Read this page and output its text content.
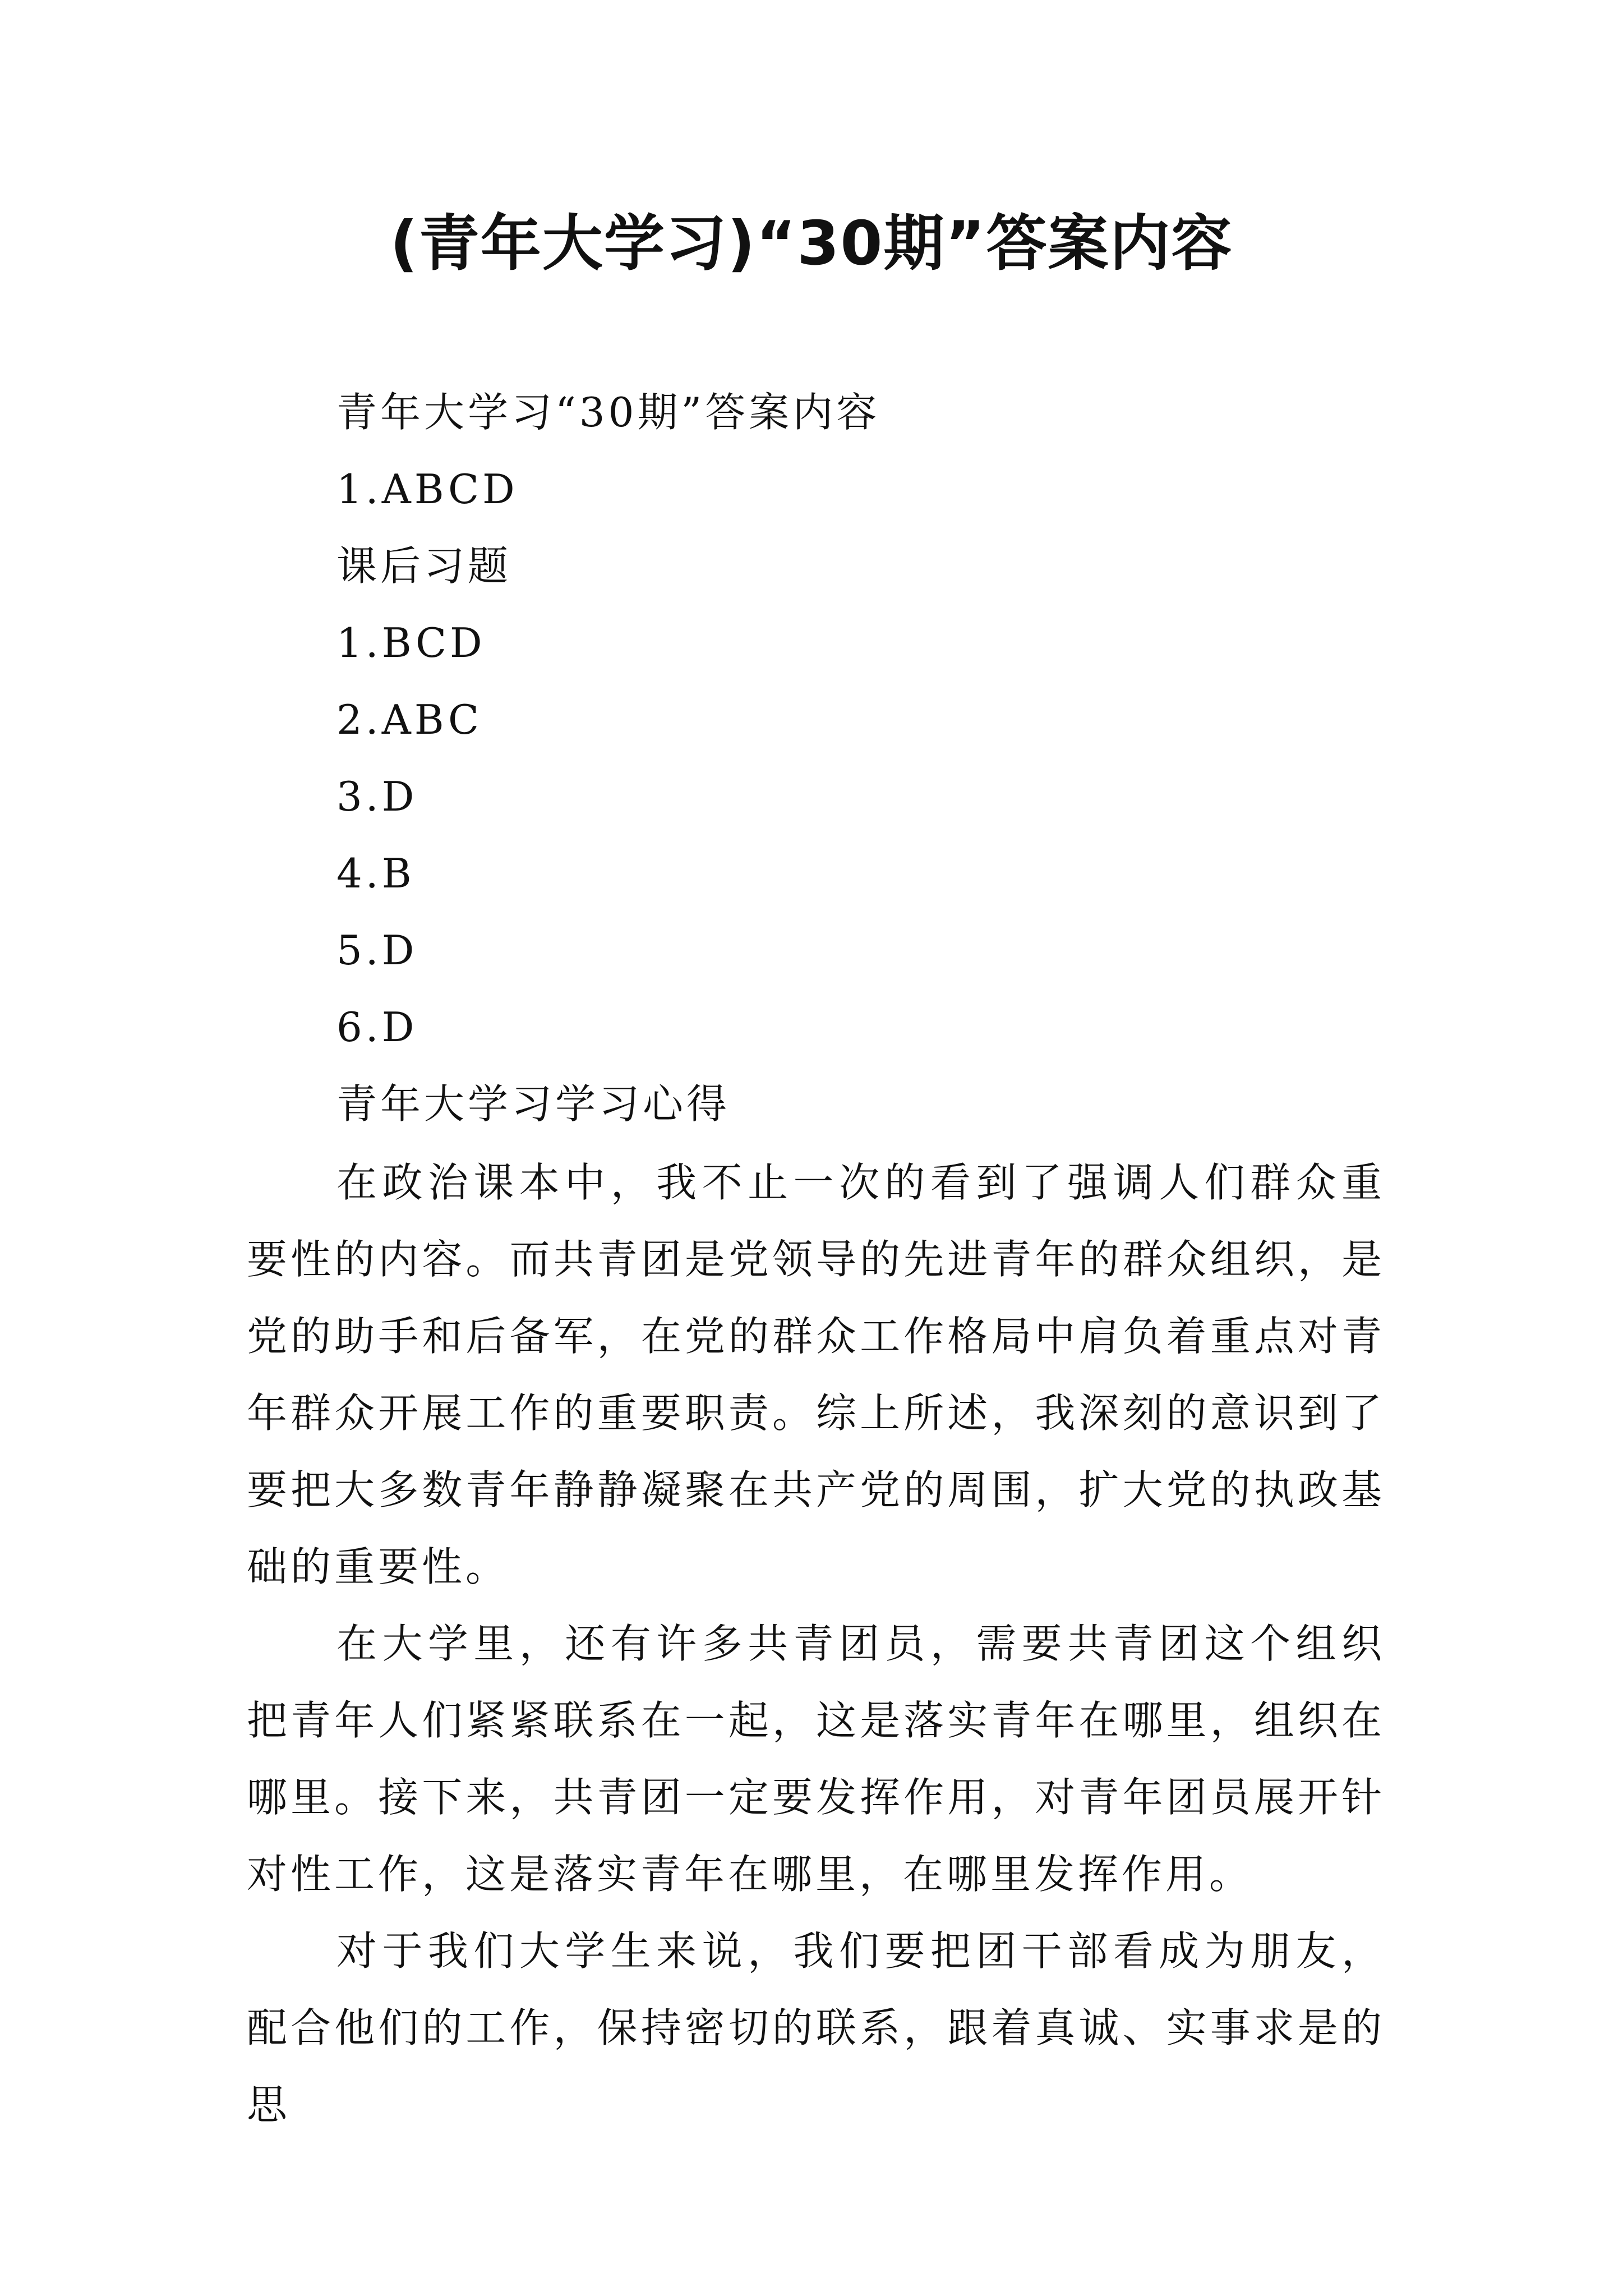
(青年大学习)“30期”答案内容
青年大学习“30期”答案内容
1.ABCD
课后习题
1.BCD
2.ABC
3.D
4.B
5.D
6.D
青年大学习学习心得
在政治课本中，我不止一次的看到了强调人们群众重要性的内容。而共青团是党领导的先进青年的群众组织，是党的助手和后备军，在党的群众工作格局中肩负着重点对青年群众开展工作的重要职责。综上所述，我深刻的意识到了要把大多数青年静静凝聚在共产党的周围，扩大党的执政基础的重要性。
在大学里，还有许多共青团员，需要共青团这个组织把青年人们紧紧联系在一起，这是落实青年在哪里，组织在哪里。接下来，共青团一定要发挥作用，对青年团员展开针对性工作，这是落实青年在哪里，在哪里发挥作用。
对于我们大学生来说，我们要把团干部看成为朋友，配合他们的工作，保持密切的联系，跟着真诚、实事求是的思
